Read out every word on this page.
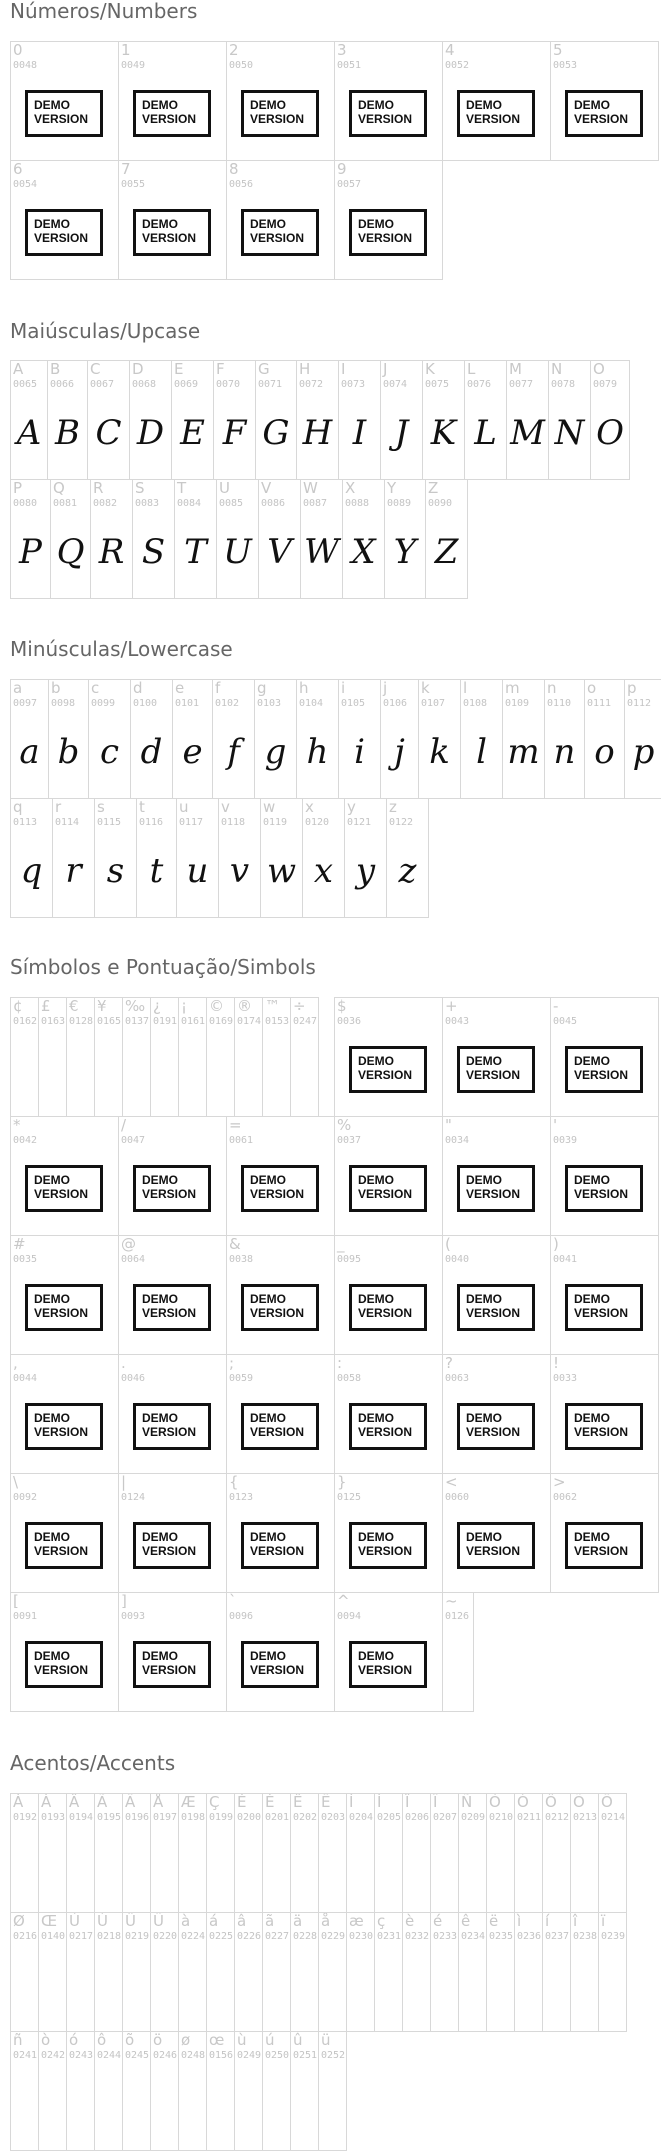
Números/Numbers
0
0048
DEMO
VERSION
1
0049
DEMO
VERSION
2
0050
DEMO
VERSION
3
0051
DEMO
VERSION
4
0052
DEMO
VERSION
5
0053
DEMO
VERSION
6
0054
DEMO
VERSION
7
0055
DEMO
VERSION
8
0056
DEMO
VERSION
9
0057
DEMO
VERSION
Maiúsculas/Upcase
A
0065
A
B
0066
B
C
0067
C
D
0068
D
E
0069
E
F
0070
F
G
0071
G
H
0072
H
I
0073
I
J
0074
J
K
0075
K
L
0076
L
M
0077
M
N
0078
N
O
0079
O
P
0080
P
Q
0081
Q
R
0082
R
S
0083
S
T
0084
T
U
0085
U
V
0086
V
W
0087
W
X
0088
X
Y
0089
Y
Z
0090
Z
Minúsculas/Lowercase
a
0097
a
b
0098
b
c
0099
c
d
0100
d
e
0101
e
f
0102
f
g
0103
g
h
0104
h
i
0105
i
j
0106
j
k
0107
k
l
0108
l
m
0109
m
n
0110
n
o
0111
o
p
0112
p
q
0113
q
r
0114
r
s
0115
s
t
0116
t
u
0117
u
v
0118
v
w
0119
w
x
0120
x
y
0121
y
z
0122
z
Símbolos e Pontuação/Simbols
¢
0162
£
0163
€
0128
¥
0165
‰
0137
¿
0191
¡
0161
©
0169
®
0174
™
0153
÷
0247
$
0036
DEMO
VERSION
+
0043
DEMO
VERSION
-
0045
DEMO
VERSION
*
0042
DEMO
VERSION
/
0047
DEMO
VERSION
=
0061
DEMO
VERSION
%
0037
DEMO
VERSION
"
0034
DEMO
VERSION
'
0039
DEMO
VERSION
#
0035
DEMO
VERSION
@
0064
DEMO
VERSION
&
0038
DEMO
VERSION
_
0095
DEMO
VERSION
(
0040
DEMO
VERSION
)
0041
DEMO
VERSION
,
0044
DEMO
VERSION
.
0046
DEMO
VERSION
;
0059
DEMO
VERSION
:
0058
DEMO
VERSION
?
0063
DEMO
VERSION
!
0033
DEMO
VERSION
\
0092
DEMO
VERSION
|
0124
DEMO
VERSION
{
0123
DEMO
VERSION
}
0125
DEMO
VERSION
<
0060
DEMO
VERSION
>
0062
DEMO
VERSION
[
0091
DEMO
VERSION
]
0093
DEMO
VERSION
`
0096
DEMO
VERSION
^
0094
DEMO
VERSION
~
0126
Acentos/Accents
À
0192
Á
0193
Â
0194
Ã
0195
Ä
0196
Å
0197
Æ
0198
Ç
0199
È
0200
É
0201
Ê
0202
Ë
0203
Ì
0204
Í
0205
Î
0206
Ï
0207
Ñ
0209
Ò
0210
Ó
0211
Ô
0212
Õ
0213
Ö
0214
Ø
0216
Œ
0140
Ù
0217
Ú
0218
Û
0219
Ü
0220
à
0224
á
0225
â
0226
ã
0227
ä
0228
å
0229
æ
0230
ç
0231
è
0232
é
0233
ê
0234
ë
0235
ì
0236
í
0237
î
0238
ï
0239
ñ
0241
ò
0242
ó
0243
ô
0244
õ
0245
ö
0246
ø
0248
œ
0156
ù
0249
ú
0250
û
0251
ü
0252
